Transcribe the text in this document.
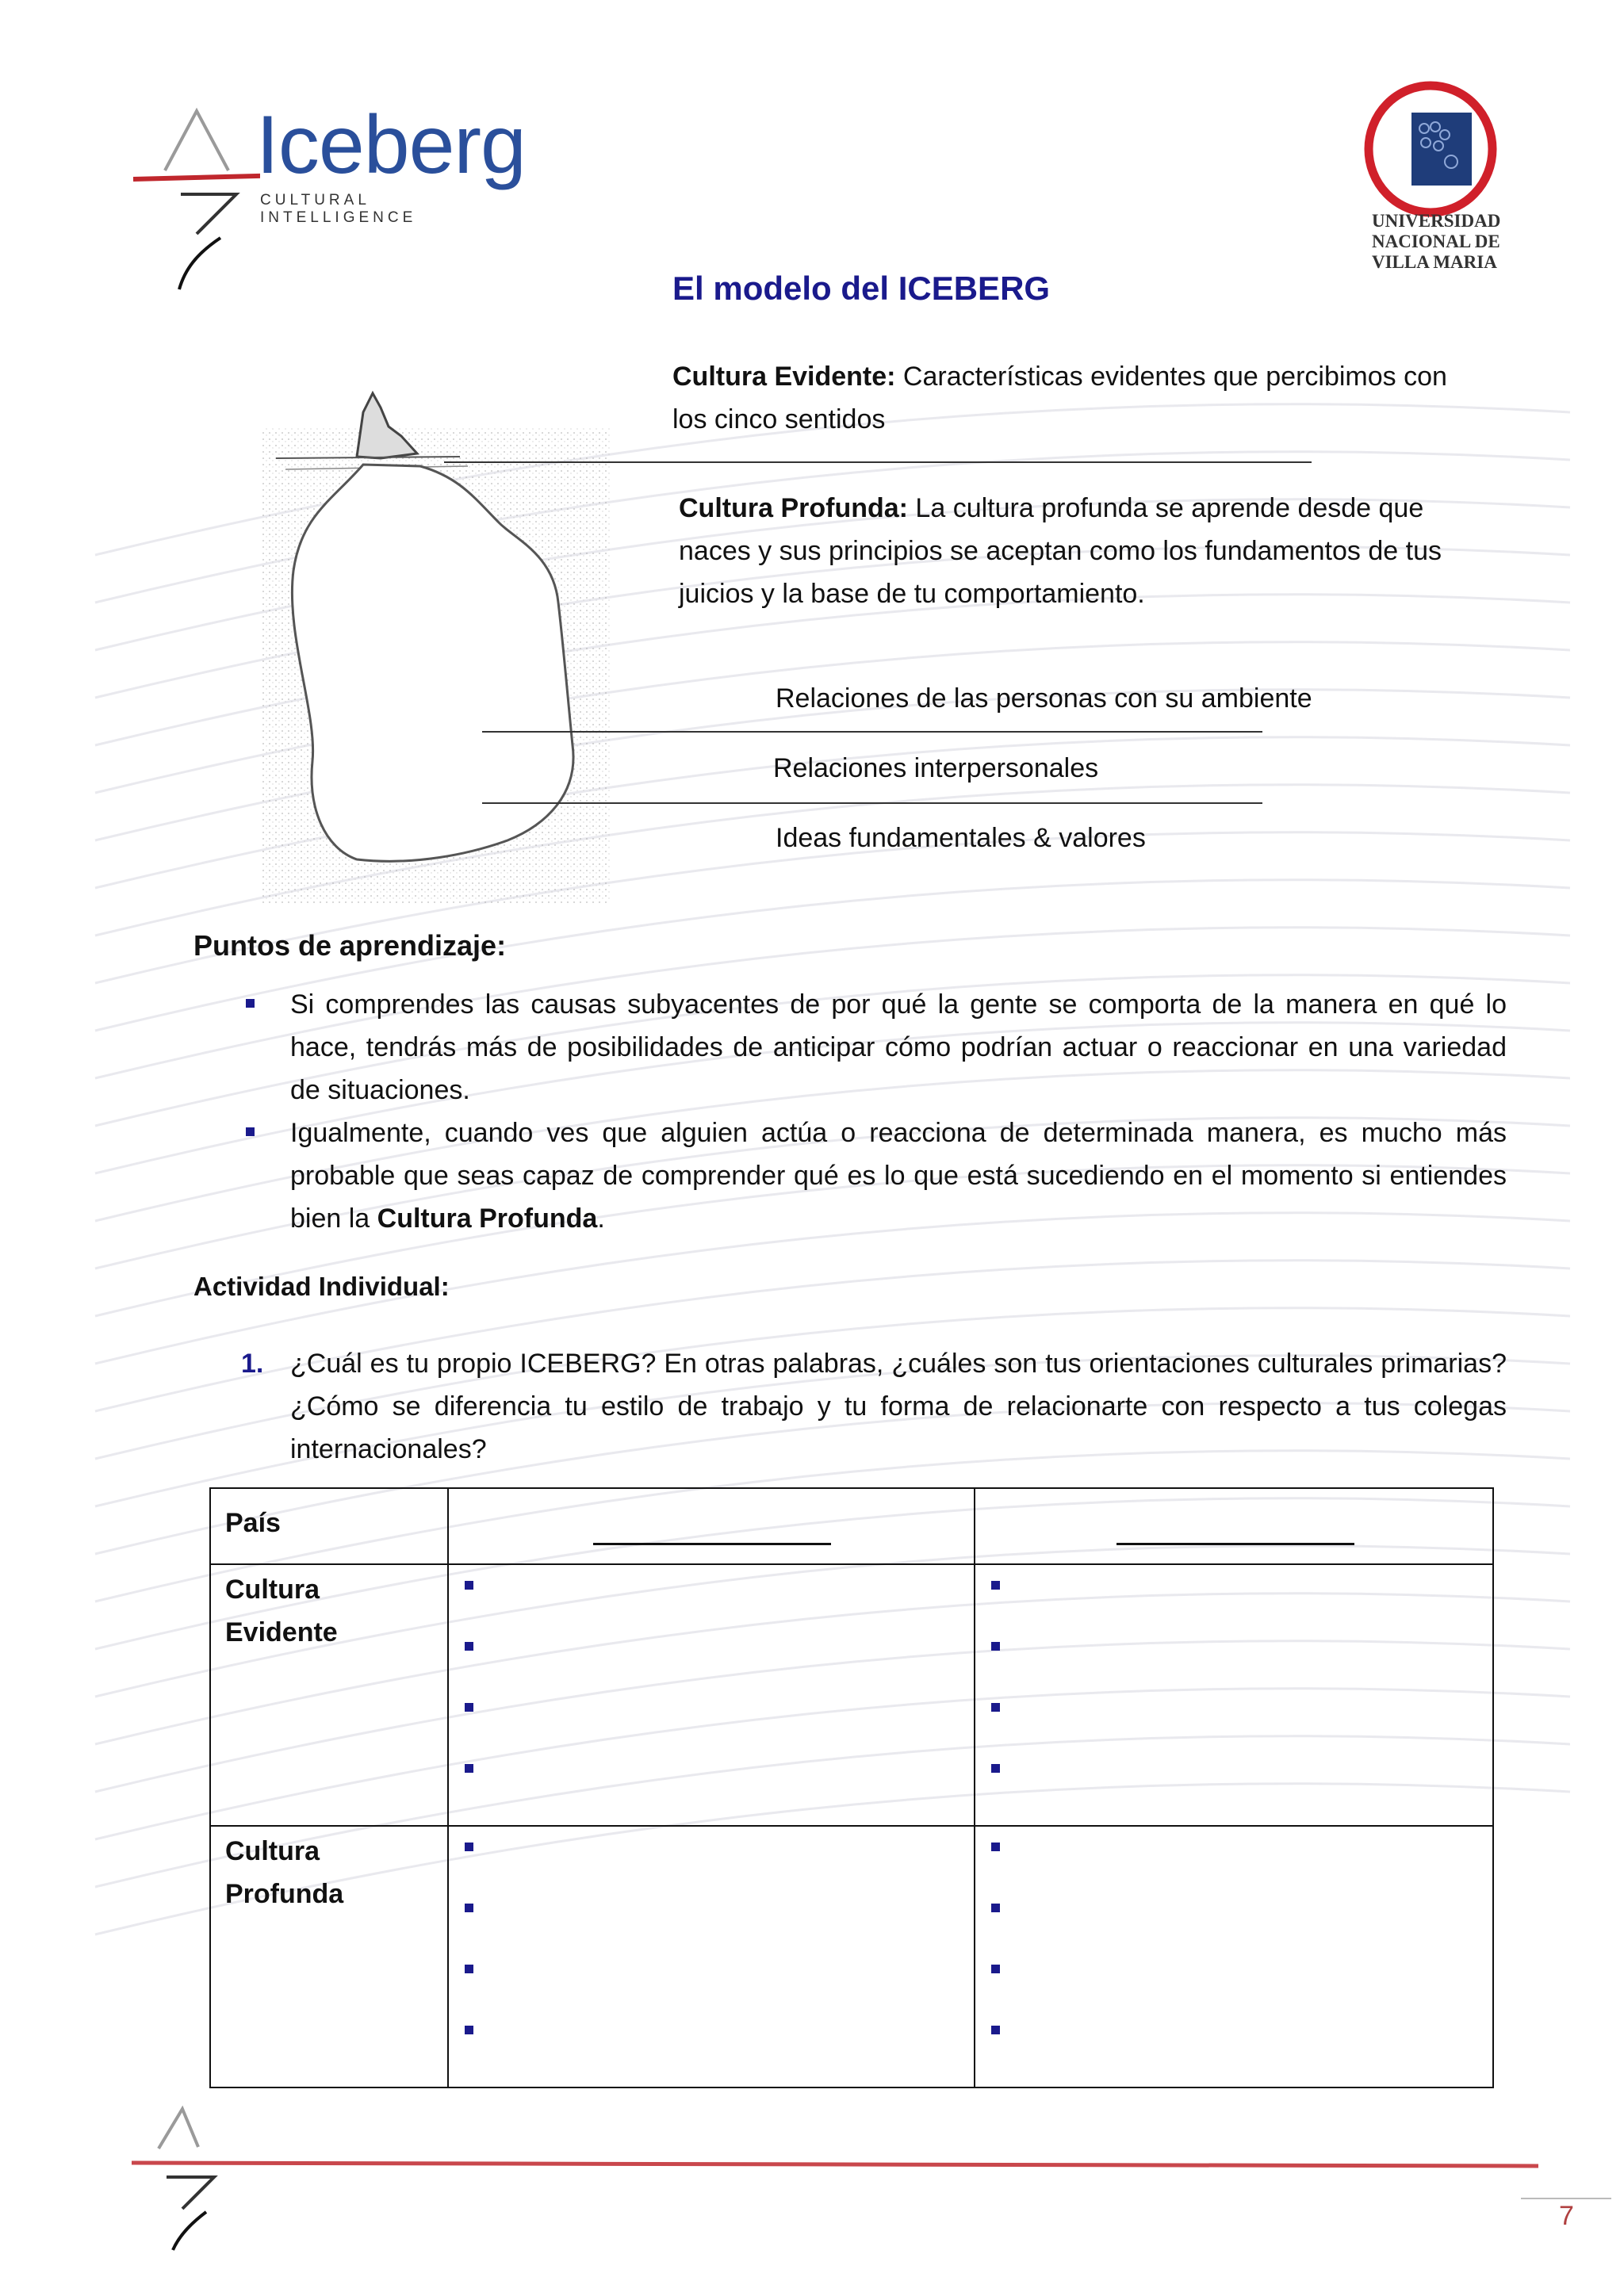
Iceberg
CULTURAL INTELLIGENCE	UNIVERSIDAD
NACIONAL DE
VILLA MARIA
El modelo del ICEBERG
Cultura Evidente: Características evidentes que percibimos con
los cinco sentidos
Cultura Profunda: La cultura profunda se aprende desde que
naces y sus principios se aceptan como los fundamentos de tus
juicios y la base de tu comportamiento.
Relaciones de las personas con su ambiente
Relaciones interpersonales
Ideas fundamentales & valores
Puntos de aprendizaje:
Si comprendes las causas subyacentes de por qué la gente se comporta de la manera en qué lo hace, tendrás más de posibilidades de anticipar cómo podrían actuar o reaccionar en una variedad de situaciones.
Igualmente, cuando ves que alguien actúa o reacciona de determinada manera, es mucho más probable que seas capaz de comprender qué es lo que está sucediendo en el momento si entiendes bien la Cultura Profunda.
Actividad Individual:
1. ¿Cuál es tu propio ICEBERG? En otras palabras, ¿cuáles son tus orientaciones culturales primarias? ¿Cómo se diferencia tu estilo de trabajo y tu forma de relacionarte con respecto a tus colegas internacionales?
País		

Cultura
Evidente		

Cultura
Profunda		

7
